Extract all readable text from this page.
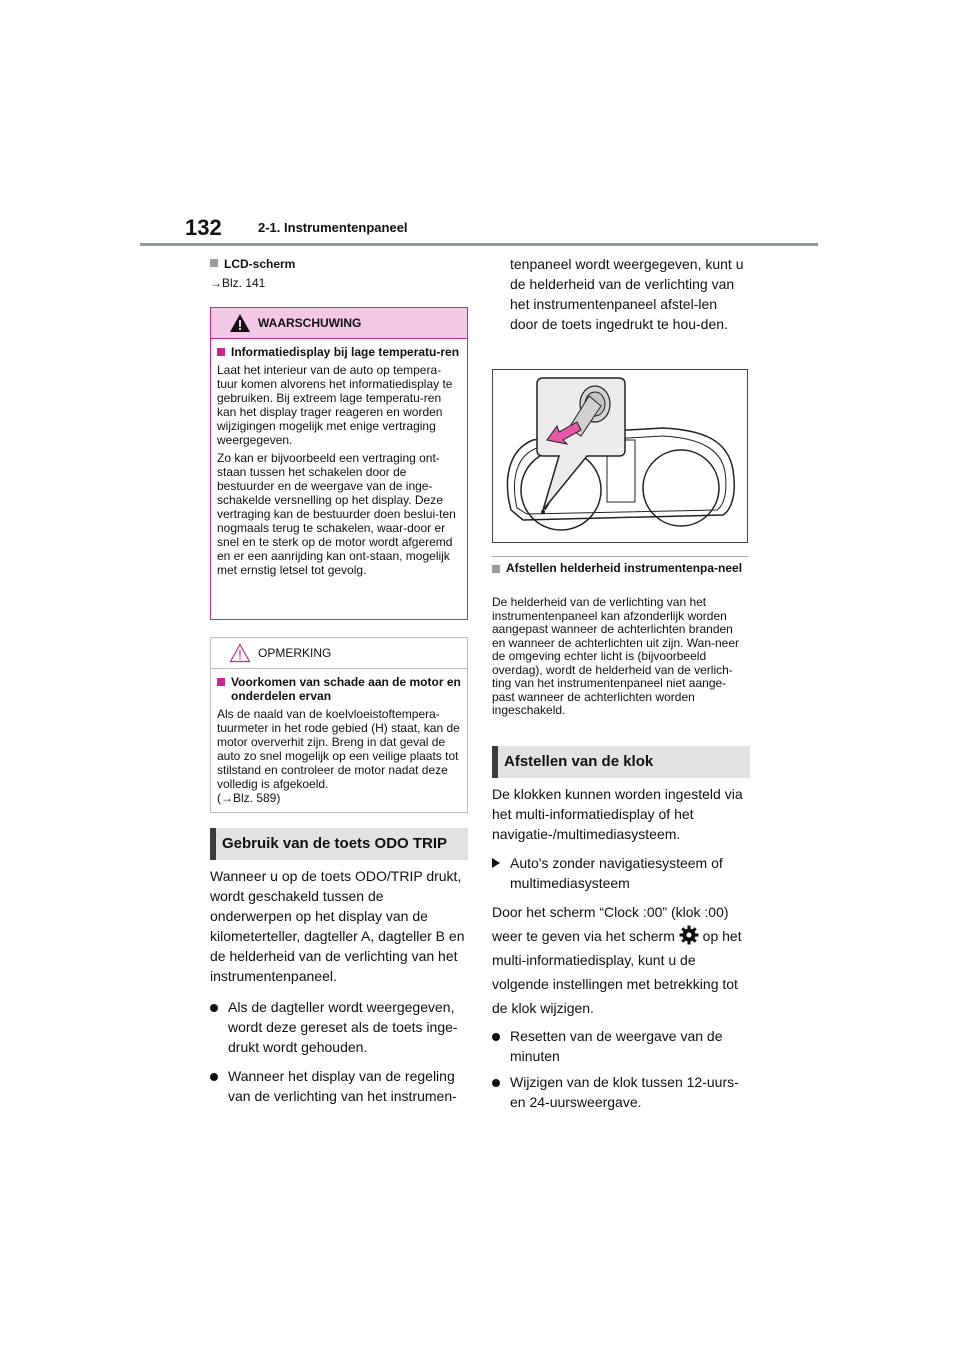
132	2-1. Instrumentenpaneel
LCD-scherm
→Blz. 141
WAARSCHUWING
Informatiedisplay bij lage temperatu-ren

Laat het interieur van de auto op tempera-tuur komen alvorens het informatiedisplay te gebruiken. Bij extreem lage temperatu-ren kan het display trager reageren en worden wijzigingen mogelijk met enige vertraging weergegeven.

Zo kan er bijvoorbeeld een vertraging ont-staan tussen het schakelen door de bestuurder en de weergave van de inge-schakelde versnelling op het display. Deze vertraging kan de bestuurder doen beslui-ten nogmaals terug te schakelen, waar-door er snel en te sterk op de motor wordt afgeremd en er een aanrijding kan ont-staan, mogelijk met ernstig letsel tot gevolg.

OPMERKING
Voorkomen van schade aan de motor en onderdelen ervan

Als de naald van de koelvloeistoftempera-tuurmeter in het rode gebied (H) staat, kan de motor oververhit zijn. Breng in dat geval de auto zo snel mogelijk op een veilige plaats tot stilstand en controleer de motor nadat deze volledig is afgekoeld.

(→Blz. 589)

Gebruik van de toets ODO TRIP

Wanneer u op de toets ODO/TRIP drukt, wordt geschakeld tussen de onderwerpen op het display van de kilometerteller, dagteller A, dagteller B en de helderheid van de verlichting van het instrumentenpaneel.

Als de dagteller wordt weergegeven, wordt deze gereset als de toets inge-drukt wordt gehouden.
Wanneer het display van de regeling van de verlichting van het instrumen-
tenpaneel wordt weergegeven, kunt u de helderheid van de verlichting van het instrumentenpaneel afstel-len door de toets ingedrukt te hou-den.
Afstellen helderheid instrumentenpa-neel
De helderheid van de verlichting van het instrumentenpaneel kan afzonderlijk worden aangepast wanneer de achterlichten branden en wanneer de achterlichten uit zijn. Wan-neer de omgeving echter licht is (bijvoorbeeld overdag), wordt de helderheid van de verlich-ting van het instrumentenpaneel niet aange-past wanneer de achterlichten worden ingeschakeld.
Afstellen van de klok

De klokken kunnen worden ingesteld via het multi-informatiedisplay of het navigatie-/multimediasysteem.

Auto's zonder navigatiesysteem of multimediasysteem

Door het scherm “Clock :00” (klok :00) weer te geven via het scherm op het multi-informatiedisplay, kunt u de volgende instellingen met betrekking tot de klok wijzigen.

Resetten van de weergave van de minuten
Wijzigen van de klok tussen 12-uurs- en 24-uursweergave.
